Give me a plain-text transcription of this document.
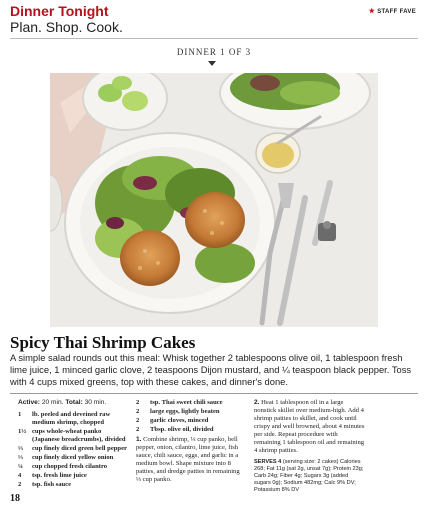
Dinner Tonight
Plan. Shop. Cook.
★ STAFF FAVE
DINNER 1 OF 3
Spicy Thai Shrimp Cakes
A simple salad rounds out this meal: Whisk together 2 tablespoons olive oil, 1 tablespoon fresh lime juice, 1 minced garlic clove, 2 teaspoons Dijon mustard, and ¼ teaspoon black pepper. Toss with 4 cups mixed greens, top with these cakes, and dinner's done.
Active: 20 min. Total: 30 min.
1 lb. peeled and deveined raw medium shrimp, chopped
1½ cups whole-wheat panko (Japanese breadcrumbs), divided
⅓ cup finely diced green bell pepper
⅓ cup finely diced yellow onion
¼ cup chopped fresh cilantro
4 tsp. fresh lime juice
2 tsp. fish sauce
2 tsp. Thai sweet chili sauce
2 large eggs, lightly beaten
2 garlic cloves, minced
2 Tbsp. olive oil, divided
1. Combine shrimp, ⅓ cup panko, bell pepper, onion, cilantro, lime juice, fish sauce, chili sauce, eggs, and garlic in a medium bowl. Shape mixture into 8 patties, and dredge patties in remaining ⅓ cup panko.
2. Heat 1 tablespoon oil in a large nonstick skillet over medium-high. Add 4 shrimp patties to skillet, and cook until crispy and well browned, about 4 minutes per side. Repeat procedure with remaining 1 tablespoon oil and remaining 4 shrimp patties.
SERVES 4 (serving size: 2 cakes) Calories 268; Fat 11g (sat 2g, unsat 7g); Protein 23g; Carb 24g; Fiber 4g; Sugars 3g (added sugars 0g); Sodium 482mg; Calc 9% DV; Potassium 8% DV
18
